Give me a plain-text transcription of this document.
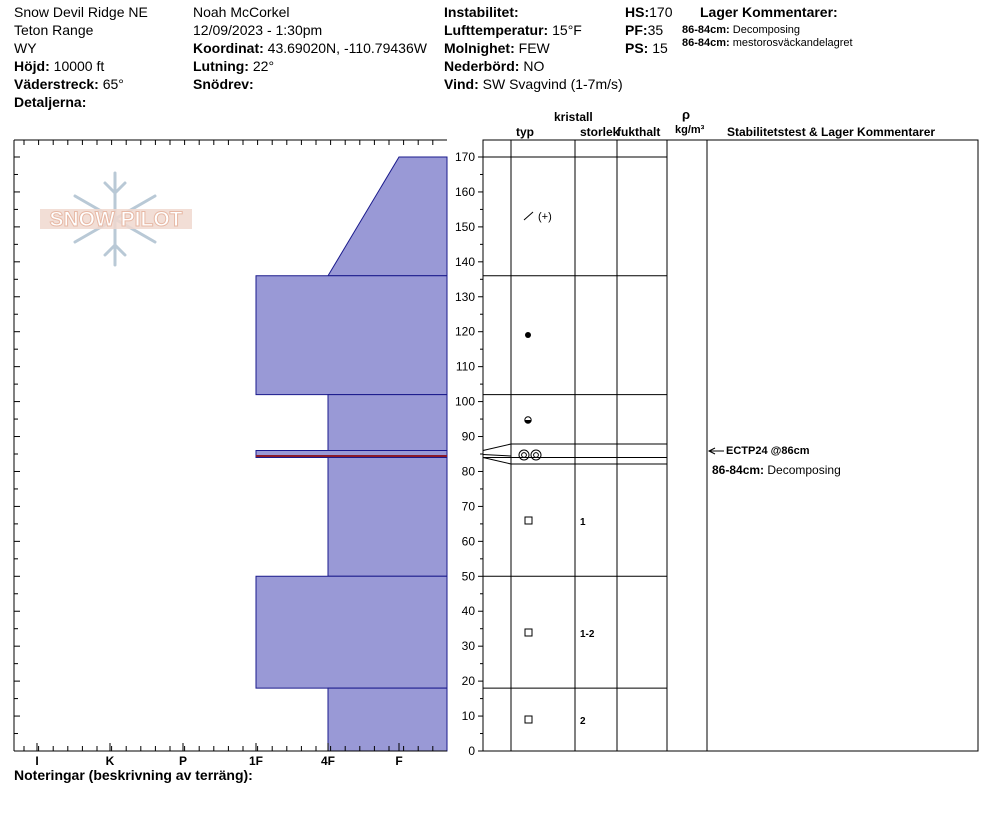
Snow Devil Ridge NE
Teton Range
WY
Höjd: 10000 ft
Väderstreck: 65°
Detaljerna:
Noah McCorkel
12/09/2023 - 1:30pm
Koordinat: 43.69020N, -110.79436W
Lutning: 22°
Snödrev:
Instabilitet:
Lufttemperatur: 15°F
Molnighet: FEW
Nederbörd: NO
Vind: SW Svagvind (1-7m/s)
HS:170
PF:35
PS: 15
Lager Kommentarer:
86-84cm: Decomposing
86-84cm: mestorosväckandelagret
kristall
typ	storlek
fukthalt
ρ
kg/m³ Stabilitetstest & Lager Kommentarer
ECTP24 @86cm
86-84cm: Decomposing
Noteringar (beskrivning av terräng):
SNOW PILOT
I	K	P	1F	4F	F
0
10
20
30
40
50
60
70
80
90
100
110
120
130
140
150
160
170
(+)
1
1-2
2
